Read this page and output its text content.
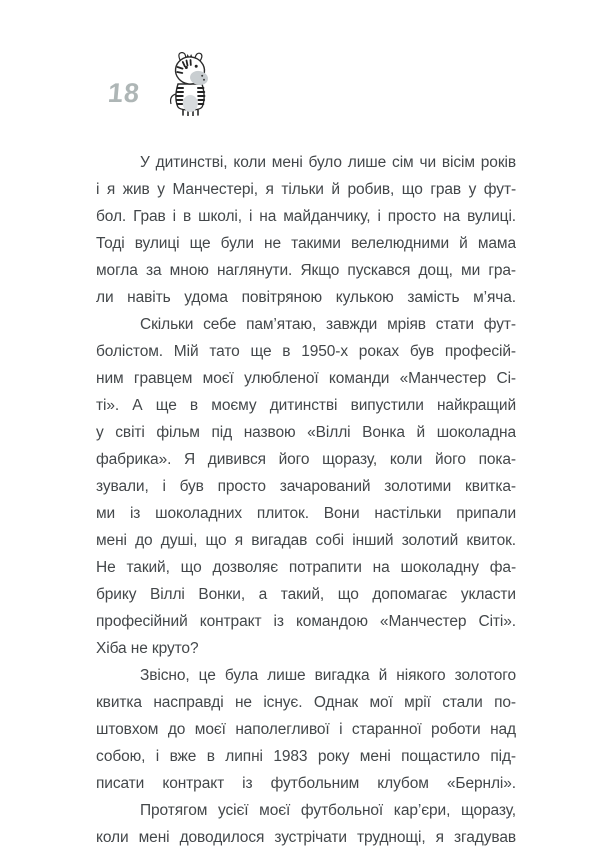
18
У дитинстві, коли мені було лише сім чи вісім років
і я жив у Манчестері, я тільки й робив, що грав у фут-
бол. Грав і в школі, і на майданчику, і просто на вулиці.
Тоді вулиці ще були не такими велелюдними й мама
могла за мною наглянути. Якщо пускався дощ, ми гра-
ли навіть удома повітряною кулькою замість м’яча.
Скільки себе пам’ятаю, завжди мріяв стати фут-
болістом. Мій тато ще в 1950-х роках був професій-
ним гравцем моєї улюбленої команди «Манчестер Сі-
ті». А ще в моєму дитинстві випустили найкращий
у світі фільм під назвою «Віллі Вонка й шоколадна
фабрика». Я дивився його щоразу, коли його пока-
зували, і був просто зачарований золотими квитка-
ми із шоколадних плиток. Вони настільки припали
мені до душі, що я вигадав собі інший золотий квиток.
Не такий, що дозволяє потрапити на шоколадну фа-
брику Віллі Вонки, а такий, що допомагає укласти
професійний контракт із командою «Манчестер Сіті».
Хіба не круто?
Звісно, це була лише вигадка й ніякого золотого
квитка насправді не існує. Однак мої мрії стали по-
штовхом до моєї наполегливої і старанної роботи над
собою, і вже в липні 1983 року мені пощастило під-
писати контракт із футбольним клубом «Бернлі».
Протягом усієї моєї футбольної кар’єри, щоразу,
коли мені доводилося зустрічати труднощі, я згадував
